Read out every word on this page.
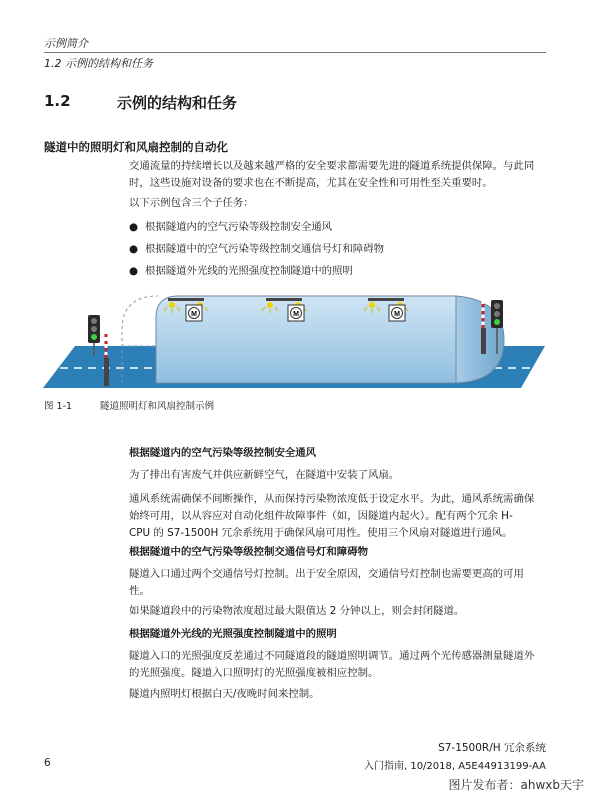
示例简介
1.2 示例的结构和任务
1.2	示例的结构和任务
隧道中的照明灯和风扇控制的自动化

交通流量的持续增长以及越来越严格的安全要求都需要先进的隧道系统提供保障。与此同

时，这些设施对设备的要求也在不断提高，尤其在安全性和可用性至关重要时。

以下示例包含三个子任务：
● 根据隧道内的空气污染等级控制安全通风
● 根据隧道中的空气污染等级控制交通信号灯和障碍物
● 根据隧道外光线的光照强度控制隧道中的照明
M	M	M
图 1-1	隧道照明灯和风扇控制示例
根据隧道内的空气污染等级控制安全通风

为了排出有害废气并供应新鲜空气，在隧道中安装了风扇。

通风系统需确保不间断操作，从而保持污染物浓度低于设定水平。为此，通风系统需确保

始终可用，以从容应对自动化组件故障事件（如，因隧道内起火）。配有两个冗余 H-

CPU 的 S7-1500H 冗余系统用于确保风扇可用性。使用三个风扇对隧道进行通风。

根据隧道中的空气污染等级控制交通信号灯和障碍物

隧道入口通过两个交通信号灯控制。出于安全原因，交通信号灯控制也需要更高的可用

性。

如果隧道段中的污染物浓度超过最大限值达 2 分钟以上，则会封闭隧道。

根据隧道外光线的光照强度控制隧道中的照明

隧道入口的光照强度反差通过不同隧道段的隧道照明调节。通过两个光传感器测量隧道外

的光照强度。隧道入口照明灯的光照强度被相应控制。

隧道内照明灯根据白天/夜晚时间来控制。

6
S7-1500R/H 冗余系统
入门指南, 10/2018, A5E44913199-AA
图片发布者：ahwxb天宇
